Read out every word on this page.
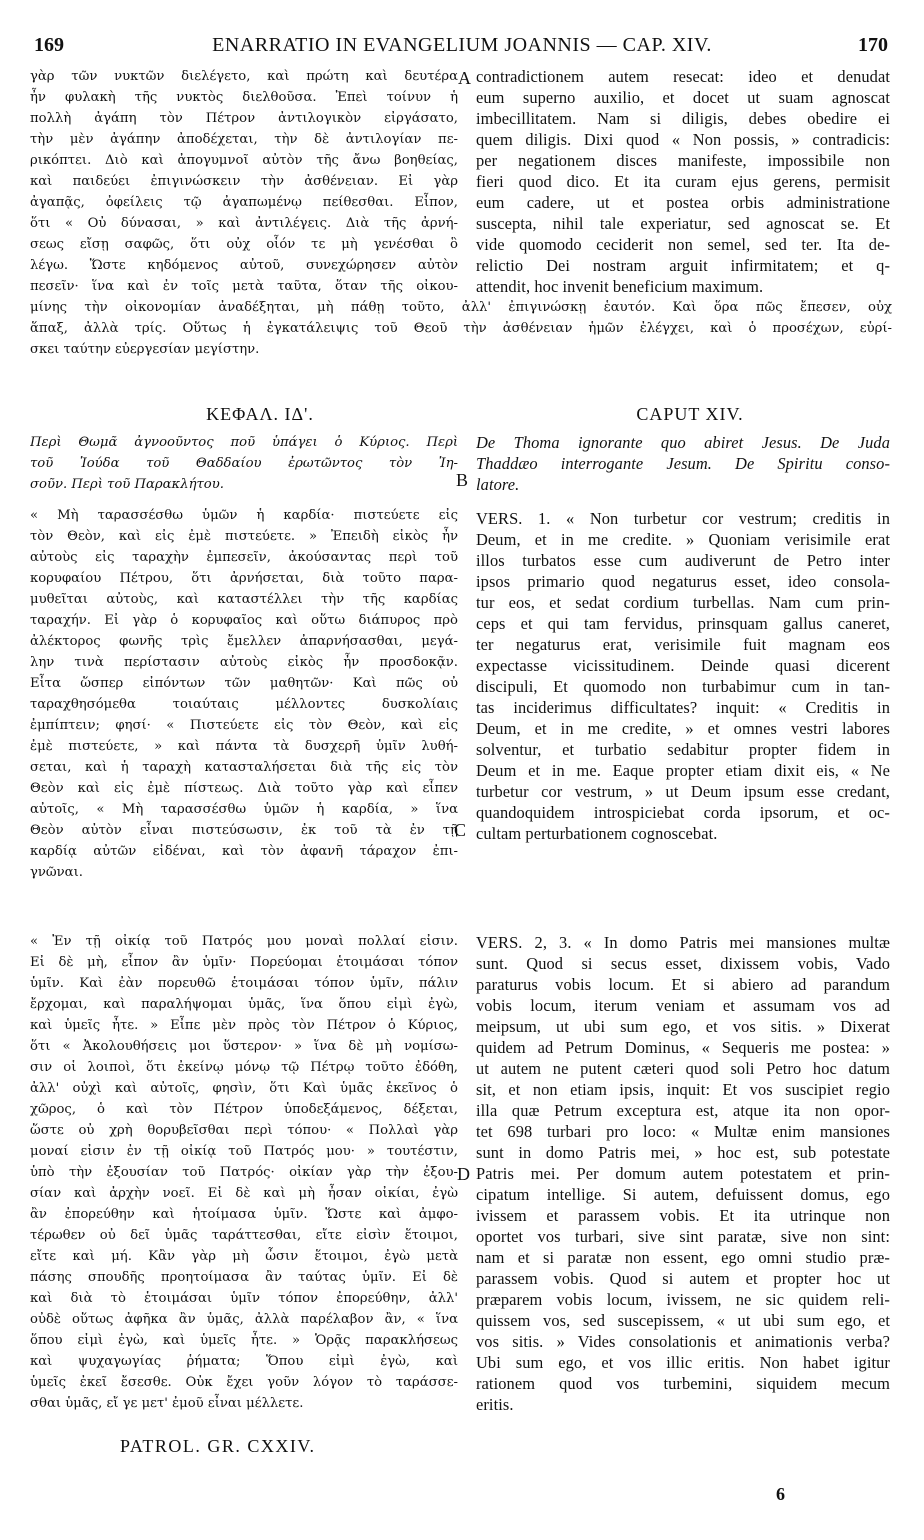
169	ENARRATIO IN EVANGELIUM JOANNIS — CAP. XIV.	170
γὰρ τῶν νυκτῶν διελέγετο, καὶ πρώτη καὶ δευτέρα
ἦν φυλακὴ τῆς νυκτὸς διελθοῦσα. Ἐπεὶ τοίνυν ἡ
πολλὴ ἀγάπη τὸν Πέτρον ἀντιλογικὸν εἰργάσατο,
τὴν μὲν ἀγάπην ἀποδέχεται, τὴν δὲ ἀντιλογίαν πε-
ρικόπτει. Διὸ καὶ ἀπογυμνοῖ αὐτὸν τῆς ἄνω βοηθείας,
καὶ παιδεύει ἐπιγινώσκειν τὴν ἀσθένειαν. Εἰ γὰρ
ἀγαπᾷς, ὀφείλεις τῷ ἀγαπωμένῳ πείθεσθαι. Εἶπον,
ὅτι « Οὐ δύνασαι, » καὶ ἀντιλέγεις. Διὰ τῆς ἀρνή-
σεως εἴσῃ σαφῶς, ὅτι οὐχ οἷόν τε μὴ γενέσθαι ὃ
λέγω. Ὥστε κηδόμενος αὐτοῦ, συνεχώρησεν αὐτὸν
πεσεῖν· ἵνα καὶ ἐν τοῖς μετὰ ταῦτα, ὅταν τῆς οἰκου-
contradictionem autem resecat: ideo et denudat
eum superno auxilio, et docet ut suam agnoscat
imbecillitatem. Nam si diligis, debes obedire ei
quem diligis. Dixi quod « Non possis, » contradicis:
per negationem disces manifeste, impossibile non
fieri quod dico. Et ita curam ejus gerens, permisit
eum cadere, ut et postea orbis administratione
suscepta, nihil tale experiatur, sed agnoscat se. Et
vide quomodo ceciderit non semel, sed ter. Ita de-
relictio Dei nostram arguit infirmitatem; et q-
attendit, hoc invenit beneficium maximum.
μίνης τὴν οἰκονομίαν ἀναδέξηται, μὴ πάθῃ τοῦτο, ἀλλ' ἐπιγινώσκῃ ἑαυτόν. Καὶ ὅρα πῶς ἔπεσεν, οὐχ
ἅπαξ, ἀλλὰ τρίς. Οὕτως ἡ ἐγκατάλειψις τοῦ Θεοῦ τὴν ἀσθένειαν ἡμῶν ἐλέγχει, καὶ ὁ προσέχων, εὑρί-
σκει ταύτην εὐεργεσίαν μεγίστην.
A
ΚΕΦΑΛ. ΙΔ'.	CAPUT XIV.
Περὶ Θωμᾶ ἀγνοοῦντος ποῦ ὑπάγει ὁ Κύριος. Περὶ
τοῦ Ἰούδα τοῦ Θαδδαίου ἐρωτῶντος τὸν Ἰη-
σοῦν. Περὶ τοῦ Παρακλήτου.
De Thoma ignorante quo abiret Jesus. De Juda
Thaddæo interrogante Jesum. De Spiritu conso-
latore.
B
« Μὴ ταρασσέσθω ὑμῶν ἡ καρδία· πιστεύετε εἰς
τὸν Θεὸν, καὶ εἰς ἐμὲ πιστεύετε. » Ἐπειδὴ εἰκὸς ἦν
αὐτοὺς εἰς ταραχὴν ἐμπεσεῖν, ἀκούσαντας περὶ τοῦ
κορυφαίου Πέτρου, ὅτι ἀρνήσεται, διὰ τοῦτο παρα-
μυθεῖται αὐτοὺς, καὶ καταστέλλει τὴν τῆς καρδίας
ταραχήν. Εἰ γὰρ ὁ κορυφαῖος καὶ οὕτω διάπυρος πρὸ
ἀλέκτορος φωνῆς τρὶς ἔμελλεν ἀπαρνήσασθαι, μεγά-
λην τινὰ περίστασιν αὐτοὺς εἰκὸς ἦν προσδοκᾷν.
Εἶτα ὥσπερ εἰπόντων τῶν μαθητῶν· Καὶ πῶς οὐ
ταραχθησόμεθα τοιαύταις μέλλοντες δυσκολίαις
ἐμπίπτειν; φησί· « Πιστεύετε εἰς τὸν Θεὸν, καὶ εἰς
ἐμὲ πιστεύετε, » καὶ πάντα τὰ δυσχερῆ ὑμῖν λυθή-
σεται, καὶ ἡ ταραχὴ κατασταλήσεται διὰ τῆς εἰς τὸν
Θεὸν καὶ εἰς ἐμὲ πίστεως. Διὰ τοῦτο γὰρ καὶ εἶπεν
αὐτοῖς, « Μὴ ταρασσέσθω ὑμῶν ἡ καρδία, » ἵνα
Θεὸν αὐτὸν εἶναι πιστεύσωσιν, ἐκ τοῦ τὰ ἐν τῇ
καρδίᾳ αὐτῶν εἰδέναι, καὶ τὸν ἀφανῆ τάραχον ἐπι-
γνῶναι.
« Ἐν τῇ οἰκίᾳ τοῦ Πατρός μου μοναὶ πολλαί εἰσιν.
Εἰ δὲ μὴ, εἶπον ἂν ὑμῖν· Πορεύομαι ἑτοιμάσαι τόπον
ὑμῖν. Καὶ ἐὰν πορευθῶ ἑτοιμάσαι τόπον ὑμῖν, πάλιν
ἔρχομαι, καὶ παραλήψομαι ὑμᾶς, ἵνα ὅπου εἰμὶ ἐγὼ,
καὶ ὑμεῖς ἦτε. » Εἶπε μὲν πρὸς τὸν Πέτρον ὁ Κύριος,
ὅτι « Ἀκολουθήσεις μοι ὕστερον· » ἵνα δὲ μὴ νομίσω-
σιν οἱ λοιποὶ, ὅτι ἐκείνῳ μόνῳ τῷ Πέτρῳ τοῦτο ἐδόθη,
ἀλλ' οὐχὶ καὶ αὐτοῖς, φησὶν, ὅτι Καὶ ὑμᾶς ἐκεῖνος ὁ
χῶρος, ὁ καὶ τὸν Πέτρον ὑποδεξάμενος, δέξεται,
ὥστε οὐ χρὴ θορυβεῖσθαι περὶ τόπου· « Πολλαὶ γὰρ
μοναί εἰσιν ἐν τῇ οἰκίᾳ τοῦ Πατρός μου· » τουτέστιν,
ὑπὸ τὴν ἐξουσίαν τοῦ Πατρός· οἰκίαν γὰρ τὴν ἐξου-
σίαν καὶ ἀρχὴν νοεῖ. Εἰ δὲ καὶ μὴ ἦσαν οἰκίαι, ἐγὼ
ἂν ἐπορεύθην καὶ ἡτοίμασα ὑμῖν. Ὥστε καὶ ἀμφο-
τέρωθεν οὐ δεῖ ὑμᾶς ταράττεσθαι, εἴτε εἰσὶν ἕτοιμοι,
εἴτε καὶ μή. Κἂν γὰρ μὴ ὦσιν ἕτοιμοι, ἐγὼ μετὰ
πάσης σπουδῆς προητοίμασα ἂν ταύτας ὑμῖν. Εἰ δὲ
καὶ διὰ τὸ ἑτοιμάσαι ὑμῖν τόπον ἐπορεύθην, ἀλλ'
οὐδὲ οὕτως ἀφῆκα ἂν ὑμᾶς, ἀλλὰ παρέλαβον ἂν, « ἵνα
ὅπου εἰμὶ ἐγὼ, καὶ ὑμεῖς ἦτε. » Ὁρᾷς παρακλήσεως
καὶ ψυχαγωγίας ῥήματα; Ὅπου εἰμὶ ἐγὼ, καὶ
ὑμεῖς ἐκεῖ ἔσεσθε. Οὐκ ἔχει γοῦν λόγον τὸ ταράσσε-
σθαι ὑμᾶς, εἴ γε μετ' ἐμοῦ εἶναι μέλλετε.
C
D
VERS. 1. « Non turbetur cor vestrum; creditis in
Deum, et in me credite. » Quoniam verisimile erat
illos turbatos esse cum audiverunt de Petro inter
ipsos primario quod negaturus esset, ideo consola-
tur eos, et sedat cordium turbellas. Nam cum prin-
ceps et qui tam fervidus, prinsquam gallus caneret,
ter negaturus erat, verisimile fuit magnam eos
expectasse vicissitudinem. Deinde quasi dicerent
discipuli, Et quomodo non turbabimur cum in tan-
tas inciderimus difficultates? inquit: « Creditis in
Deum, et in me credite, » et omnes vestri labores
solventur, et turbatio sedabitur propter fidem in
Deum et in me. Eaque propter etiam dixit eis, « Ne
turbetur cor vestrum, » ut Deum ipsum esse credant,
quandoquidem introspiciebat corda ipsorum, et oc-
cultam perturbationem cognoscebat.
VERS. 2, 3. « In domo Patris mei mansiones multæ
sunt. Quod si secus esset, dixissem vobis, Vado
paraturus vobis locum. Et si abiero ad parandum
vobis locum, iterum veniam et assumam vos ad
meipsum, ut ubi sum ego, et vos sitis. » Dixerat
quidem ad Petrum Dominus, « Sequeris me postea: »
ut autem ne putent cæteri quod soli Petro hoc datum
sit, et non etiam ipsis, inquit: Et vos suscipiet regio
illa quæ Petrum exceptura est, atque ita non opor-
tet 698 turbari pro loco: « Multæ enim mansiones
sunt in domo Patris mei, » hoc est, sub potestate
Patris mei. Per domum autem potestatem et prin-
cipatum intellige. Si autem, defuissent domus, ego
ivissem et parassem vobis. Et ita utrinque non
oportet vos turbari, sive sint paratæ, sive non sint:
nam et si paratæ non essent, ego omni studio præ-
parassem vobis. Quod si autem et propter hoc ut
præparem vobis locum, ivissem, ne sic quidem reli-
quissem vos, sed suscepissem, « ut ubi sum ego, et
vos sitis. » Vides consolationis et animationis verba?
Ubi sum ego, et vos illic eritis. Non habet igitur
rationem quod vos turbemini, siquidem mecum
eritis.
PATROL. GR. CXXIV.
6
